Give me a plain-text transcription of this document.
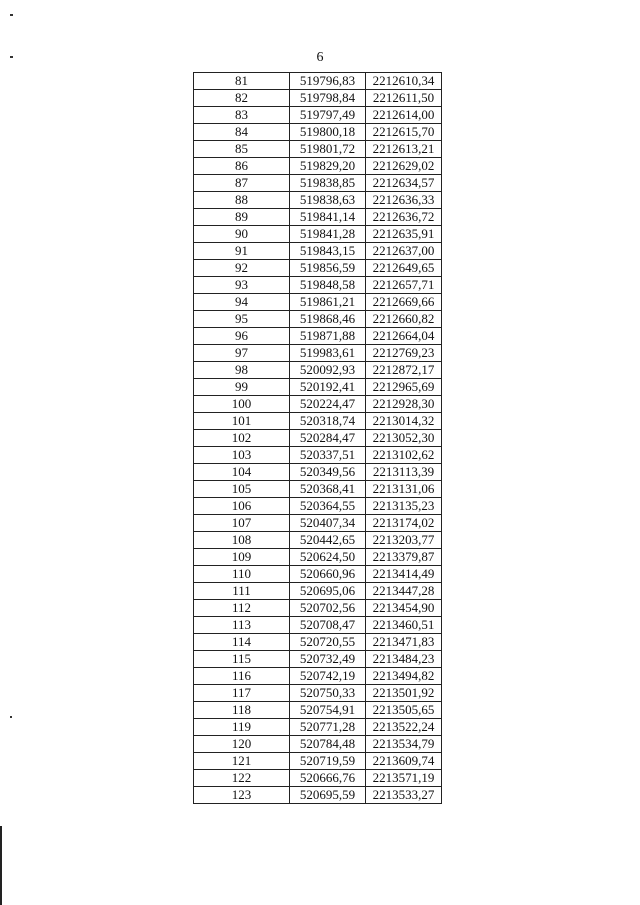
6
81	519796,83	2212610,34
82	519798,84	2212611,50
83	519797,49	2212614,00
84	519800,18	2212615,70
85	519801,72	2212613,21
86	519829,20	2212629,02
87	519838,85	2212634,57
88	519838,63	2212636,33
89	519841,14	2212636,72
90	519841,28	2212635,91
91	519843,15	2212637,00
92	519856,59	2212649,65
93	519848,58	2212657,71
94	519861,21	2212669,66
95	519868,46	2212660,82
96	519871,88	2212664,04
97	519983,61	2212769,23
98	520092,93	2212872,17
99	520192,41	2212965,69
100	520224,47	2212928,30
101	520318,74	2213014,32
102	520284,47	2213052,30
103	520337,51	2213102,62
104	520349,56	2213113,39
105	520368,41	2213131,06
106	520364,55	2213135,23
107	520407,34	2213174,02
108	520442,65	2213203,77
109	520624,50	2213379,87
110	520660,96	2213414,49
111	520695,06	2213447,28
112	520702,56	2213454,90
113	520708,47	2213460,51
114	520720,55	2213471,83
115	520732,49	2213484,23
116	520742,19	2213494,82
117	520750,33	2213501,92
118	520754,91	2213505,65
119	520771,28	2213522,24
120	520784,48	2213534,79
121	520719,59	2213609,74
122	520666,76	2213571,19
123	520695,59	2213533,27
